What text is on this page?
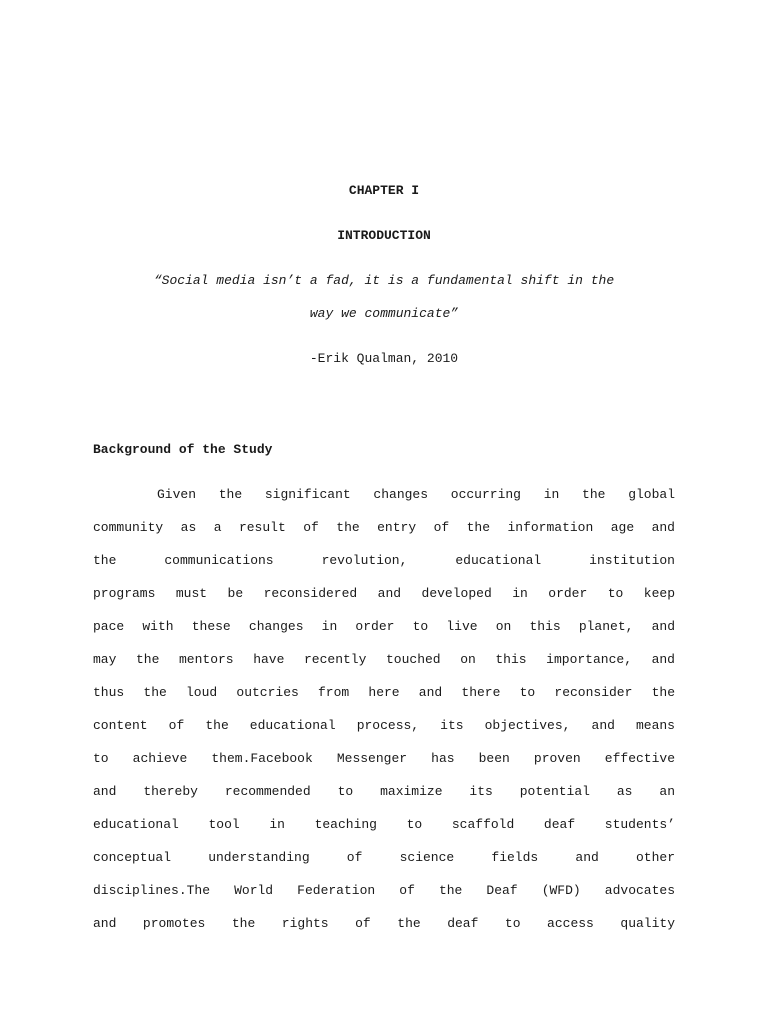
CHAPTER I
INTRODUCTION
“Social media isn’t a fad, it is a fundamental shift in the
way we communicate”
-Erik Qualman, 2010
Background of the Study
Given the significant changes occurring in the global
community as a result of the entry of the information age and
the communications revolution, educational institution
programs must be reconsidered and developed in order to keep
pace with these changes in order to live on this planet, and
may the mentors have recently touched on this importance, and
thus the loud outcries from here and there to reconsider the
content of the educational process, its objectives, and means
to achieve them.Facebook Messenger has been proven effective
and thereby recommended to maximize its potential as an
educational tool in teaching to scaffold deaf students’
conceptual understanding of science fields and other
disciplines.The World Federation of the Deaf (WFD) advocates
and promotes the rights of the deaf to access quality
